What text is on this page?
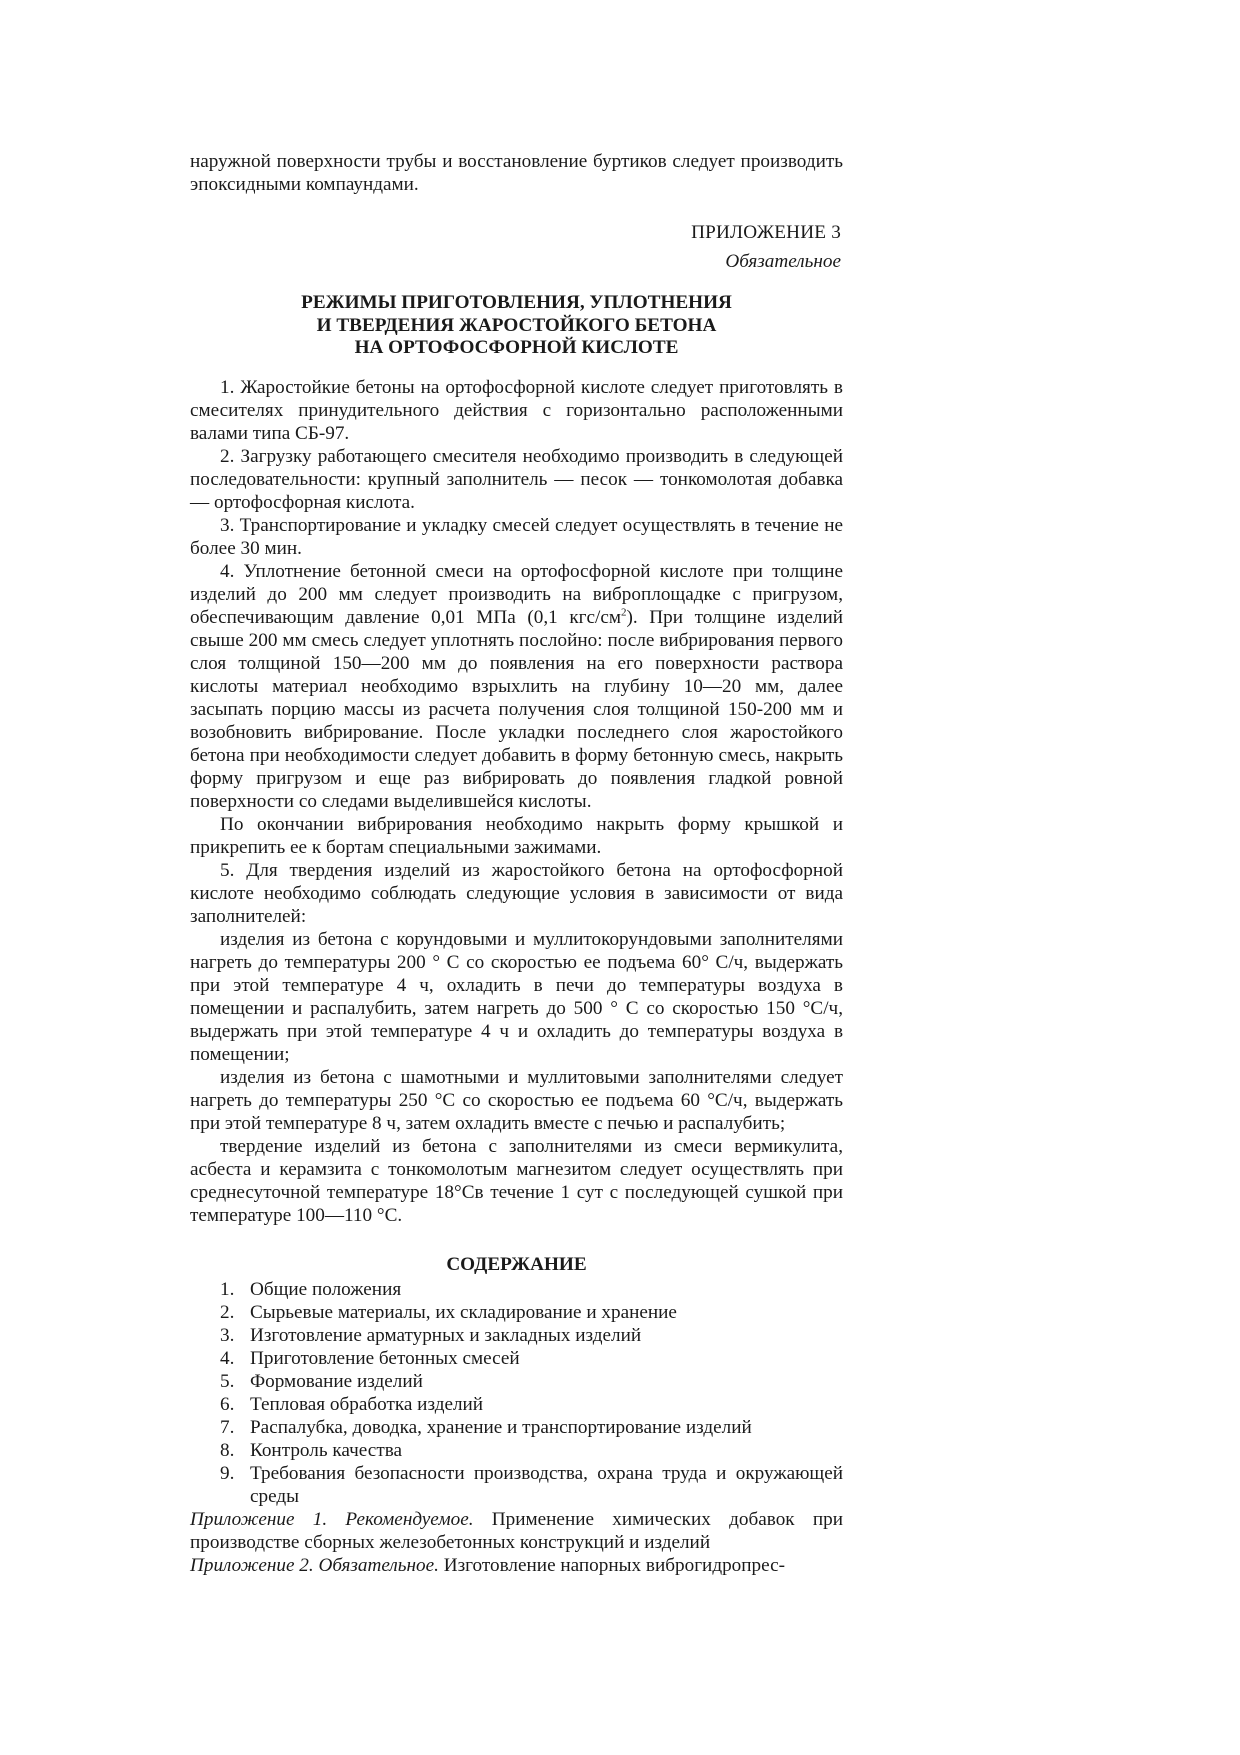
наружной поверхности трубы и восстановление буртиков следует производить эпоксидными компаундами.

ПРИЛОЖЕНИЕ 3
Обязательное
РЕЖИМЫ ПРИГОТОВЛЕНИЯ, УПЛОТНЕНИЯ
И ТВЕРДЕНИЯ ЖАРОСТОЙКОГО БЕТОНА
НА ОРТОФОСФОРНОЙ КИСЛОТЕ

1. Жаростойкие бетоны на ортофосфорной кислоте следует приготовлять в смесителях принудительного действия с горизонтально расположенными валами типа СБ-97.

2. Загрузку работающего смесителя необходимо производить в следующей последовательности: крупный заполнитель — песок — тонкомолотая добавка — ортофосфорная кислота.

3. Транспортирование и укладку смесей следует осуществлять в течение не более 30 мин.

4. Уплотнение бетонной смеси на ортофосфорной кислоте при толщине изделий до 200 мм следует производить на виброплощадке с пригрузом, обеспечивающим давление 0,01 МПа (0,1 кгс/$см^2$). При толщине изделий свыше 200 мм смесь следует уплотнять послойно: после вибрирования первого слоя толщиной 150—200 мм до появления на его поверхности раствора кислоты материал необходимо взрыхлить на глубину 10—20 мм, далее засыпать порцию массы из расчета получения слоя толщиной 150-200 мм и возобновить вибрирование. После укладки последнего слоя жаростойкого бетона при необходимости следует добавить в форму бетонную смесь, накрыть форму пригрузом и еще раз вибрировать до появления гладкой ровной поверхности со следами выделившейся кислоты.

По окончании вибрирования необходимо накрыть форму крышкой и прикрепить ее к бортам специальными зажимами.

5. Для твердения изделий из жаростойкого бетона на ортофосфорной кислоте необходимо соблюдать следующие условия в зависимости от вида заполнителей:

изделия из бетона с корундовыми и муллитокорундовыми заполнителями нагреть до температуры 200 ° С со скоростью ее подъема 60° С/ч, выдержать при этой температуре 4 ч, охладить в печи до температуры воздуха в помещении и распалубить, затем нагреть до 500 ° С со скоростью 150 °С/ч, выдержать при этой температуре 4 ч и охладить до температуры воздуха в помещении;

изделия из бетона с шамотными и муллитовыми заполнителями следует нагреть до температуры 250 °С со скоростью ее подъема 60 °С/ч, выдержать при этой температуре 8 ч, затем охладить вместе с печью и распалубить;

твердение изделий из бетона с заполнителями из смеси вермикулита, асбеста и керамзита с тонкомолотым магнезитом следует осуществлять при среднесуточной температуре 18°Св течение 1 сут с последующей сушкой при температуре 100—110 °С.

СОДЕРЖАНИЕ
1. Общие положения
2. Сырьевые материалы, их складирование и хранение
3. Изготовление арматурных и закладных изделий
4. Приготовление бетонных смесей
5. Формование изделий
6. Тепловая обработка изделий
7. Распалубка, доводка, хранение и транспортирование изделий
8. Контроль качества
9. Требования безопасности производства, охрана труда и окружающей среды

Приложение 1. Рекомендуемое. Применение химических добавок при производстве сборных железобетонных конструкций и изделий

Приложение 2. Обязательное. Изготовление напорных виброгидропрес-
